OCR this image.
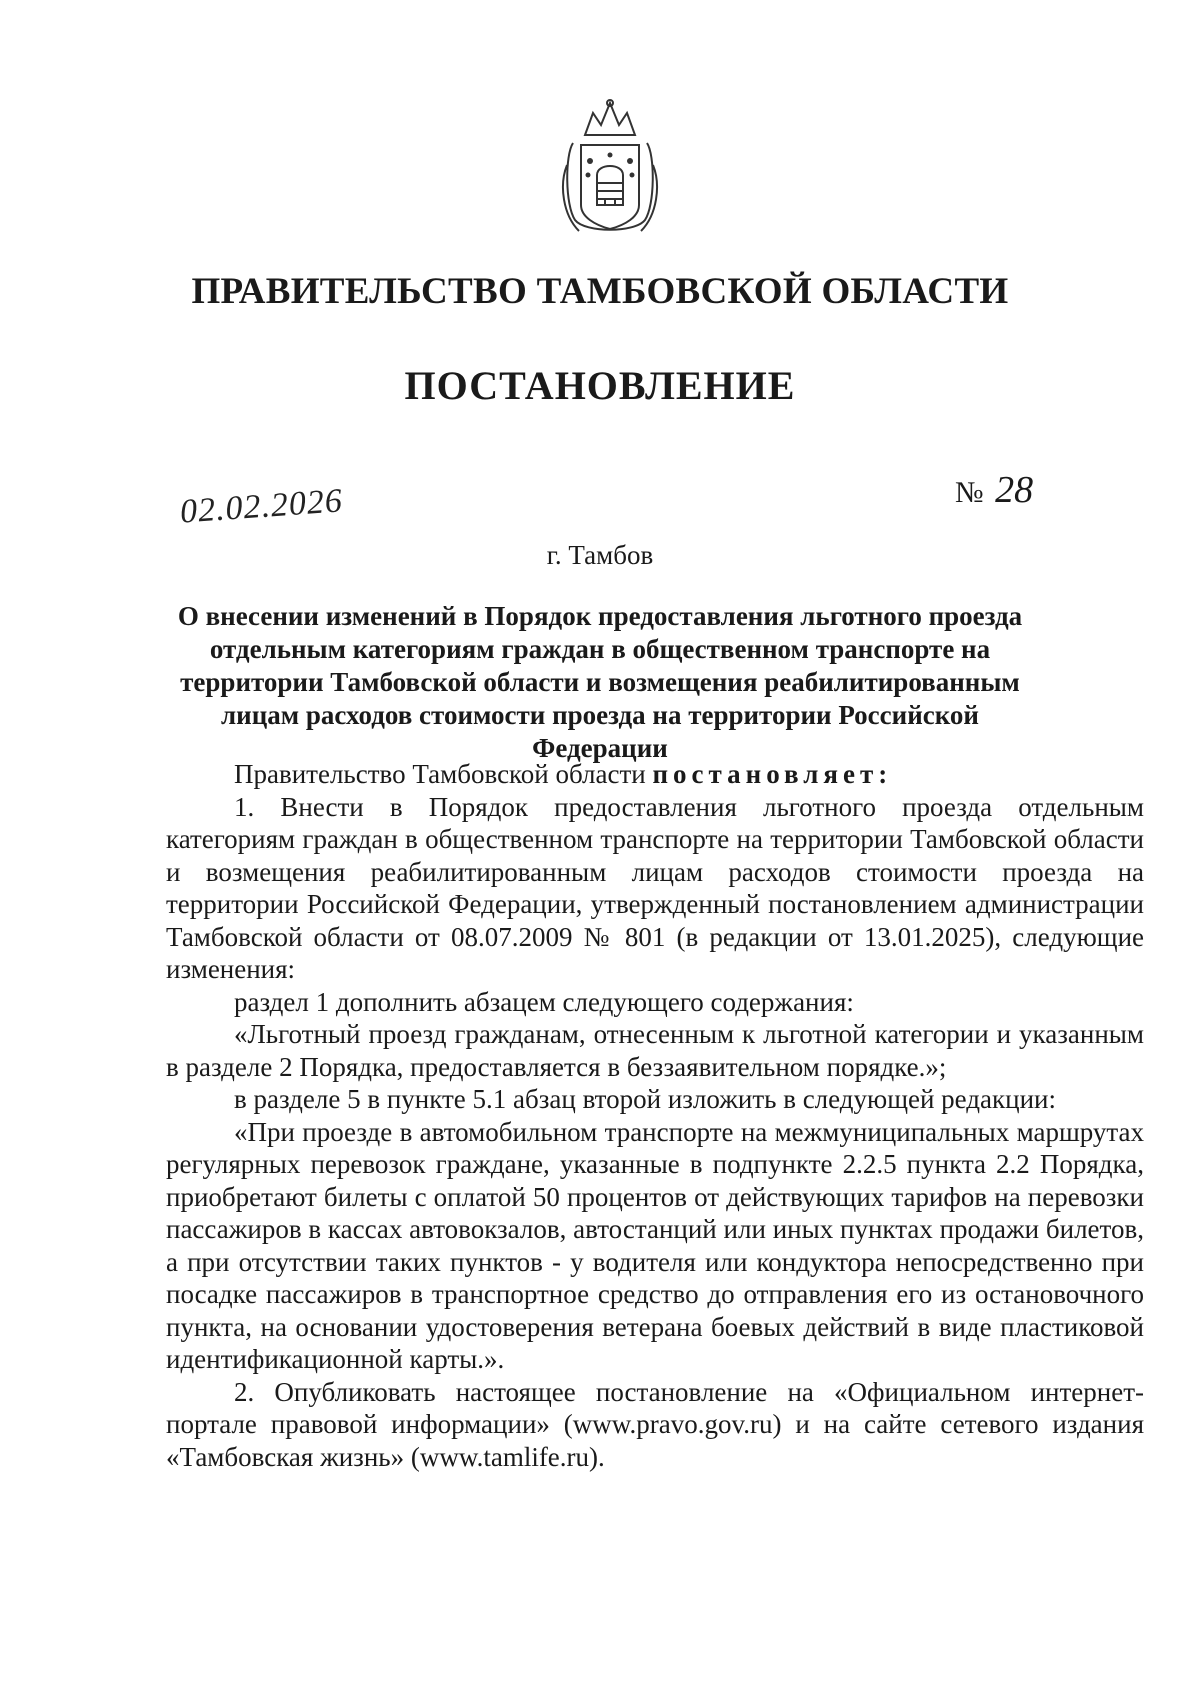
ПРАВИТЕЛЬСТВО ТАМБОВСКОЙ ОБЛАСТИ
ПОСТАНОВЛЕНИЕ
02.02.2026	№ 28
г. Тамбов
О внесении изменений в Порядок предоставления льготного проезда отдельным категориям граждан в общественном транспорте на территории Тамбовской области и возмещения реабилитированным лицам расходов стоимости проезда на территории Российской Федерации

Правительство Тамбовской области постановляет:

1. Внести в Порядок предоставления льготного проезда отдельным категориям граждан в общественном транспорте на территории Тамбовской области и возмещения реабилитированным лицам расходов стоимости проезда на территории Российской Федерации, утвержденный постановлением администрации Тамбовской области от 08.07.2009 № 801 (в редакции от 13.01.2025), следующие изменения:

раздел 1 дополнить абзацем следующего содержания:

«Льготный проезд гражданам, отнесенным к льготной категории и указанным в разделе 2 Порядка, предоставляется в беззаявительном порядке.»;

в разделе 5 в пункте 5.1 абзац второй изложить в следующей редакции:

«При проезде в автомобильном транспорте на межмуниципальных маршрутах регулярных перевозок граждане, указанные в подпункте 2.2.5 пункта 2.2 Порядка, приобретают билеты с оплатой 50 процентов от действующих тарифов на перевозки пассажиров в кассах автовокзалов, автостанций или иных пунктах продажи билетов, а при отсутствии таких пунктов - у водителя или кондуктора непосредственно при посадке пассажиров в транспортное средство до отправления его из остановочного пункта, на основании удостоверения ветерана боевых действий в виде пластиковой идентификационной карты.».

2. Опубликовать настоящее постановление на «Официальном интернет-портале правовой информации» (www.pravo.gov.ru) и на сайте сетевого издания «Тамбовская жизнь» (www.tamlife.ru).
